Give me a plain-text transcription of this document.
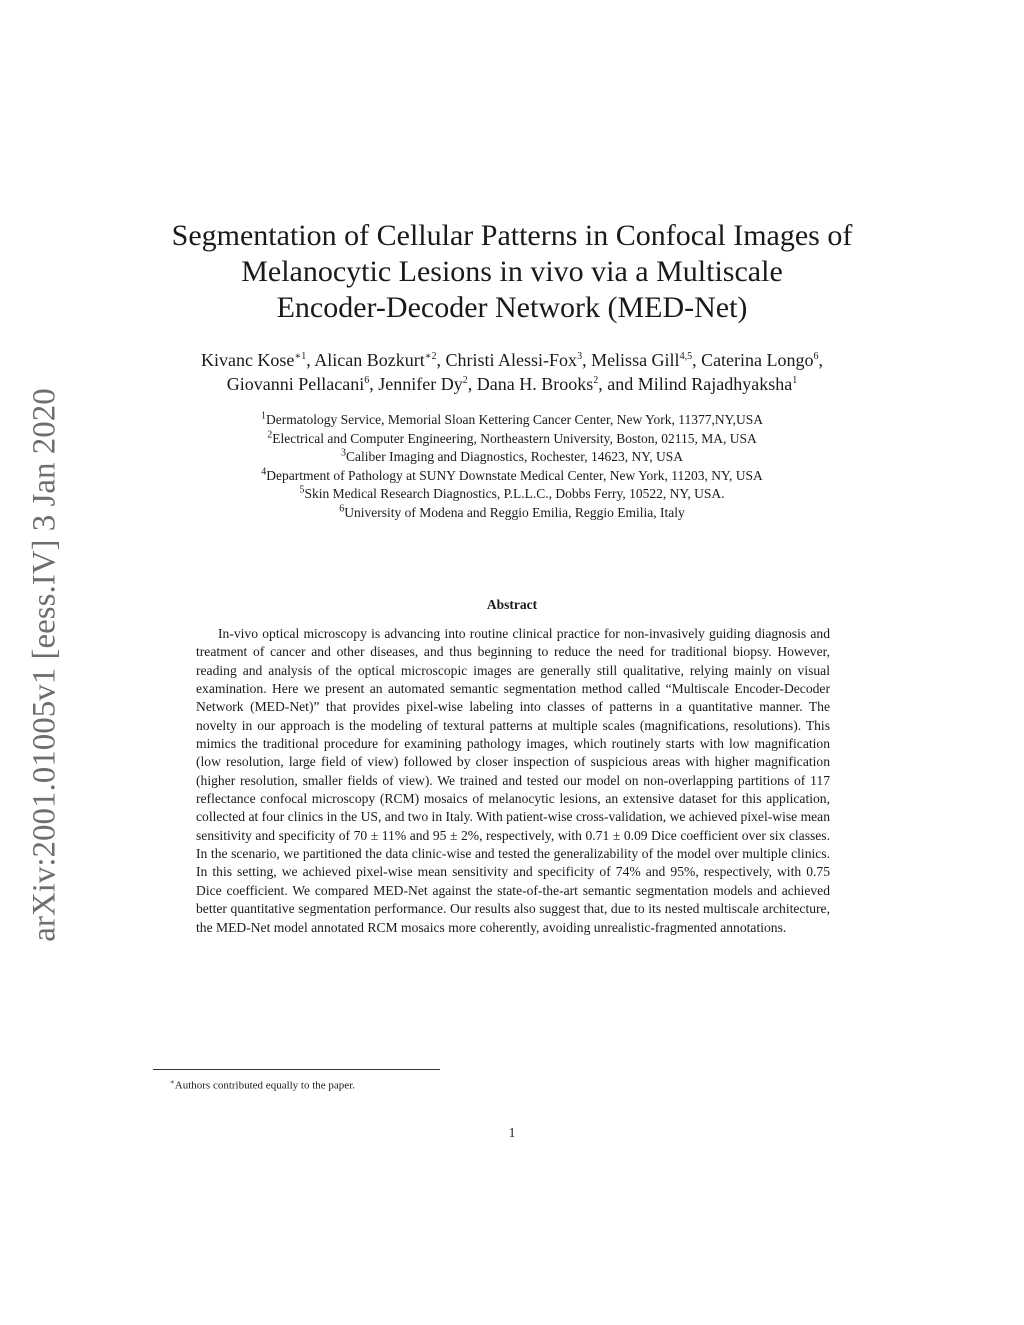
arXiv:2001.01005v1 [eess.IV] 3 Jan 2020
Segmentation of Cellular Patterns in Confocal Images of
Melanocytic Lesions in vivo via a Multiscale
Encoder-Decoder Network (MED-Net)
Kivanc Kose$^{∗1}$, Alican Bozkurt$^{∗2}$, Christi Alessi-Fox$^3$, Melissa Gill$^{4,5}$, Caterina Longo$^6$,
Giovanni Pellacani$^6$, Jennifer Dy$^2$, Dana H. Brooks$^2$, and Milind Rajadhyaksha$^1$
$^1$Dermatology Service, Memorial Sloan Kettering Cancer Center, New York, 11377,NY,USA
$^2$Electrical and Computer Engineering, Northeastern University, Boston, 02115, MA, USA
$^3$Caliber Imaging and Diagnostics, Rochester, 14623, NY, USA
$^4$Department of Pathology at SUNY Downstate Medical Center, New York, 11203, NY, USA
$^5$Skin Medical Research Diagnostics, P.L.L.C., Dobbs Ferry, 10522, NY, USA.
$^6$University of Modena and Reggio Emilia, Reggio Emilia, Italy
Abstract

In-vivo optical microscopy is advancing into routine clinical practice for non-invasively guiding diagnosis and treatment of cancer and other diseases, and thus beginning to reduce the need for traditional biopsy. However, reading and analysis of the optical microscopic images are generally still qualitative, relying mainly on visual examination. Here we present an automated semantic segmentation method called “Multiscale Encoder-Decoder Network (MED-Net)” that provides pixel-wise labeling into classes of patterns in a quantitative manner. The novelty in our approach is the modeling of textural patterns at multiple scales (magnifications, resolutions). This mimics the traditional procedure for examining pathology images, which routinely starts with low magnification (low resolution, large field of view) followed by closer inspection of suspicious areas with higher magnification (higher resolution, smaller fields of view). We trained and tested our model on non-overlapping partitions of 117 reflectance confocal microscopy (RCM) mosaics of melanocytic lesions, an extensive dataset for this application, collected at four clinics in the US, and two in Italy. With patient-wise cross-validation, we achieved pixel-wise mean sensitivity and specificity of 70 ± 11% and 95 ± 2%, respectively, with 0.71 ± 0.09 Dice coefficient over six classes. In the scenario, we partitioned the data clinic-wise and tested the generalizability of the model over multiple clinics. In this setting, we achieved pixel-wise mean sensitivity and specificity of 74% and 95%, respectively, with 0.75 Dice coefficient. We compared MED-Net against the state-of-the-art semantic segmentation models and achieved better quantitative segmentation performance. Our results also suggest that, due to its nested multiscale architecture, the MED-Net model annotated RCM mosaics more coherently, avoiding unrealistic-fragmented annotations.

∗Authors contributed equally to the paper.
1
